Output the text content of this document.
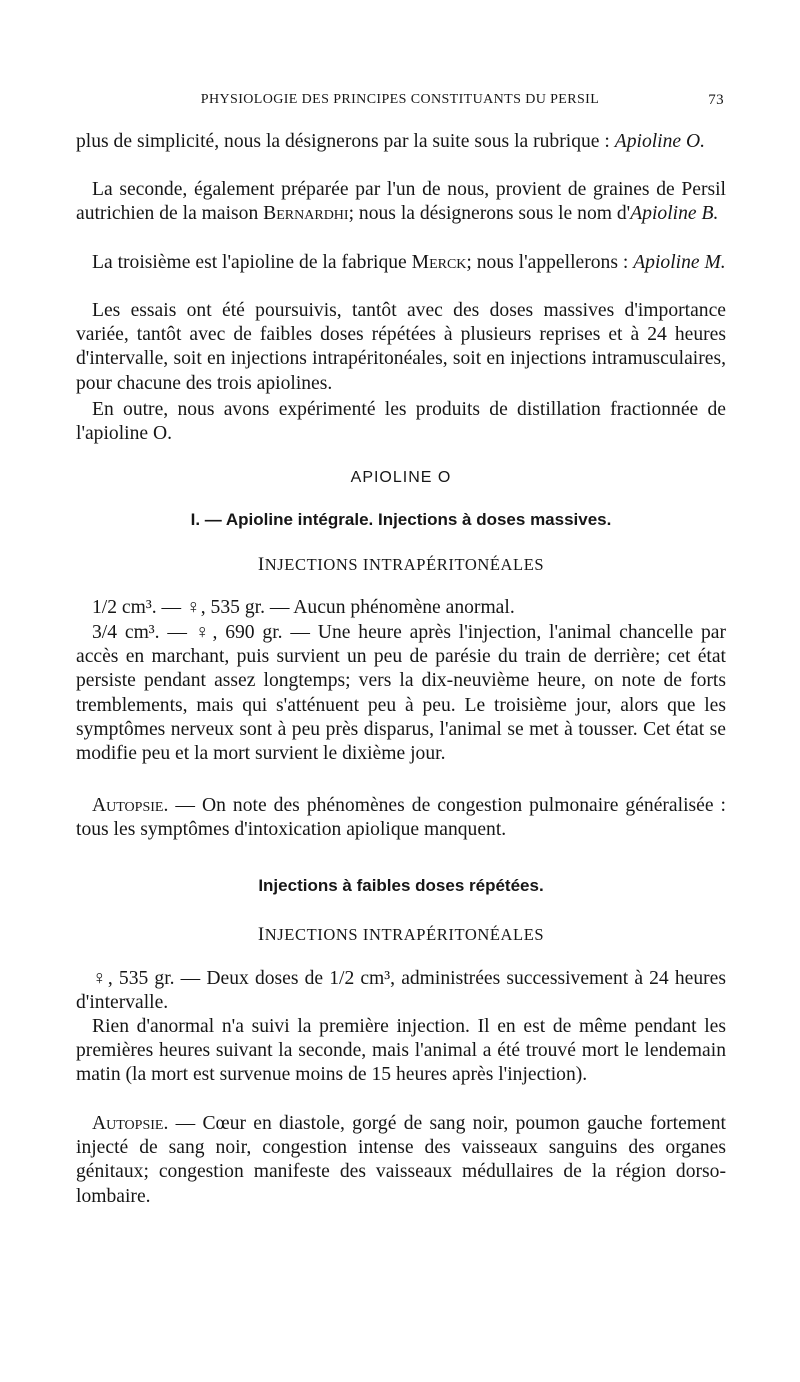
PHYSIOLOGIE DES PRINCIPES CONSTITUANTS DU PERSIL	73

plus de simplicité, nous la désignerons par la suite sous la rubrique : Apioline O.

La seconde, également préparée par l'un de nous, provient de graines de Persil autrichien de la maison Bernardhi; nous la désignerons sous le nom d'Apioline B.

La troisième est l'apioline de la fabrique Merck; nous l'appellerons : Apioline M.

Les essais ont été poursuivis, tantôt avec des doses massives d'importance variée, tantôt avec de faibles doses répétées à plusieurs reprises et à 24 heures d'intervalle, soit en injections intrapéritonéales, soit en injections intramusculaires, pour chacune des trois apiolines.

En outre, nous avons expérimenté les produits de distillation fractionnée de l'apioline O.

APIOLINE O
I. — Apioline intégrale. Injections à doses massives.
INJECTIONS INTRAPÉRITONÉALES

1/2 cm³. — ♀, 535 gr. — Aucun phénomène anormal.

3/4 cm³. — ♀, 690 gr. — Une heure après l'injection, l'animal chancelle par accès en marchant, puis survient un peu de parésie du train de derrière; cet état persiste pendant assez longtemps; vers la dix-neuvième heure, on note de forts tremblements, mais qui s'atténuent peu à peu. Le troisième jour, alors que les symptômes nerveux sont à peu près disparus, l'animal se met à tousser. Cet état se modifie peu et la mort survient le dixième jour.

Autopsie. — On note des phénomènes de congestion pulmonaire généralisée : tous les symptômes d'intoxication apiolique manquent.

Injections à faibles doses répétées.
INJECTIONS INTRAPÉRITONÉALES

♀, 535 gr. — Deux doses de 1/2 cm³, administrées successivement à 24 heures d'intervalle.

Rien d'anormal n'a suivi la première injection. Il en est de même pendant les premières heures suivant la seconde, mais l'animal a été trouvé mort le lendemain matin (la mort est survenue moins de 15 heures après l'injection).

Autopsie. — Cœur en diastole, gorgé de sang noir, poumon gauche fortement injecté de sang noir, congestion intense des vaisseaux sanguins des organes génitaux; congestion manifeste des vaisseaux médullaires de la région dorso-lombaire.
